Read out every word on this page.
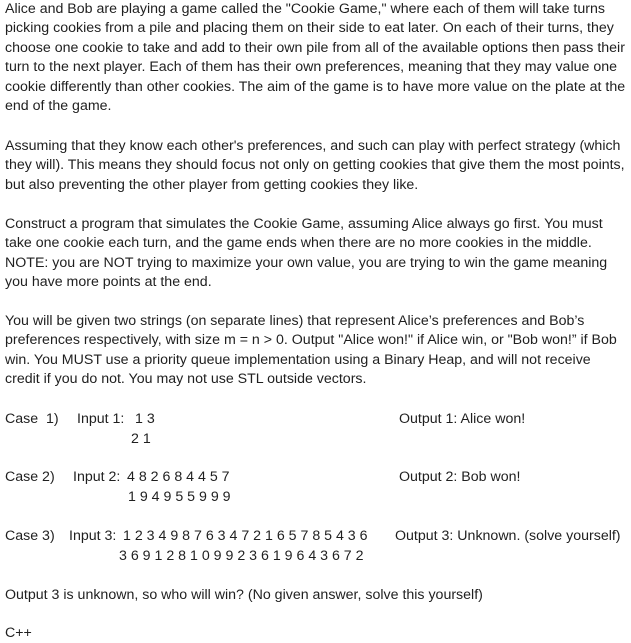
Alice and Bob are playing a game called the "Cookie Game," where each of them will take turns picking cookies from a pile and placing them on their side to eat later. On each of their turns, they choose one cookie to take and add to their own pile from all of the available options then pass their turn to the next player. Each of them has their own preferences, meaning that they may value one cookie differently than other cookies. The aim of the game is to have more value on the plate at the end of the game.
Assuming that they know each other's preferences, and such can play with perfect strategy (which they will). This means they should focus not only on getting cookies that give them the most points, but also preventing the other player from getting cookies they like.
Construct a program that simulates the Cookie Game, assuming Alice always go first. You must take one cookie each turn, and the game ends when there are no more cookies in the middle. NOTE: you are NOT trying to maximize your own value, you are trying to win the game meaning you have more points at the end.
You will be given two strings (on separate lines) that represent Alice’s preferences and Bob’s preferences respectively, with size m = n > 0. Output "Alice won!" if Alice win, or "Bob won!” if Bob win. You MUST use a priority queue implementation using a Binary Heap, and will not receive credit if you do not. You may not use STL outside vectors.
Case  1) Input 1: 1 3
2 1
Output 1: Alice won!
Case 2) Input 2: 4 8 2 6 8 4 4 5 7
1 9 4 9 5 5 9 9 9
Output 2: Bob won!
Case 3) Input 3: 1 2 3 4 9 8 7 6 3 4 7 2 1 6 5 7 8 5 4 3 6
3 6 9 1 2 8 1 0 9 9 2 3 6 1 9 6 4 3 6 7 2
Output 3: Unknown. (solve yourself)
Output 3 is unknown, so who will win? (No given answer, solve this yourself)
C++
